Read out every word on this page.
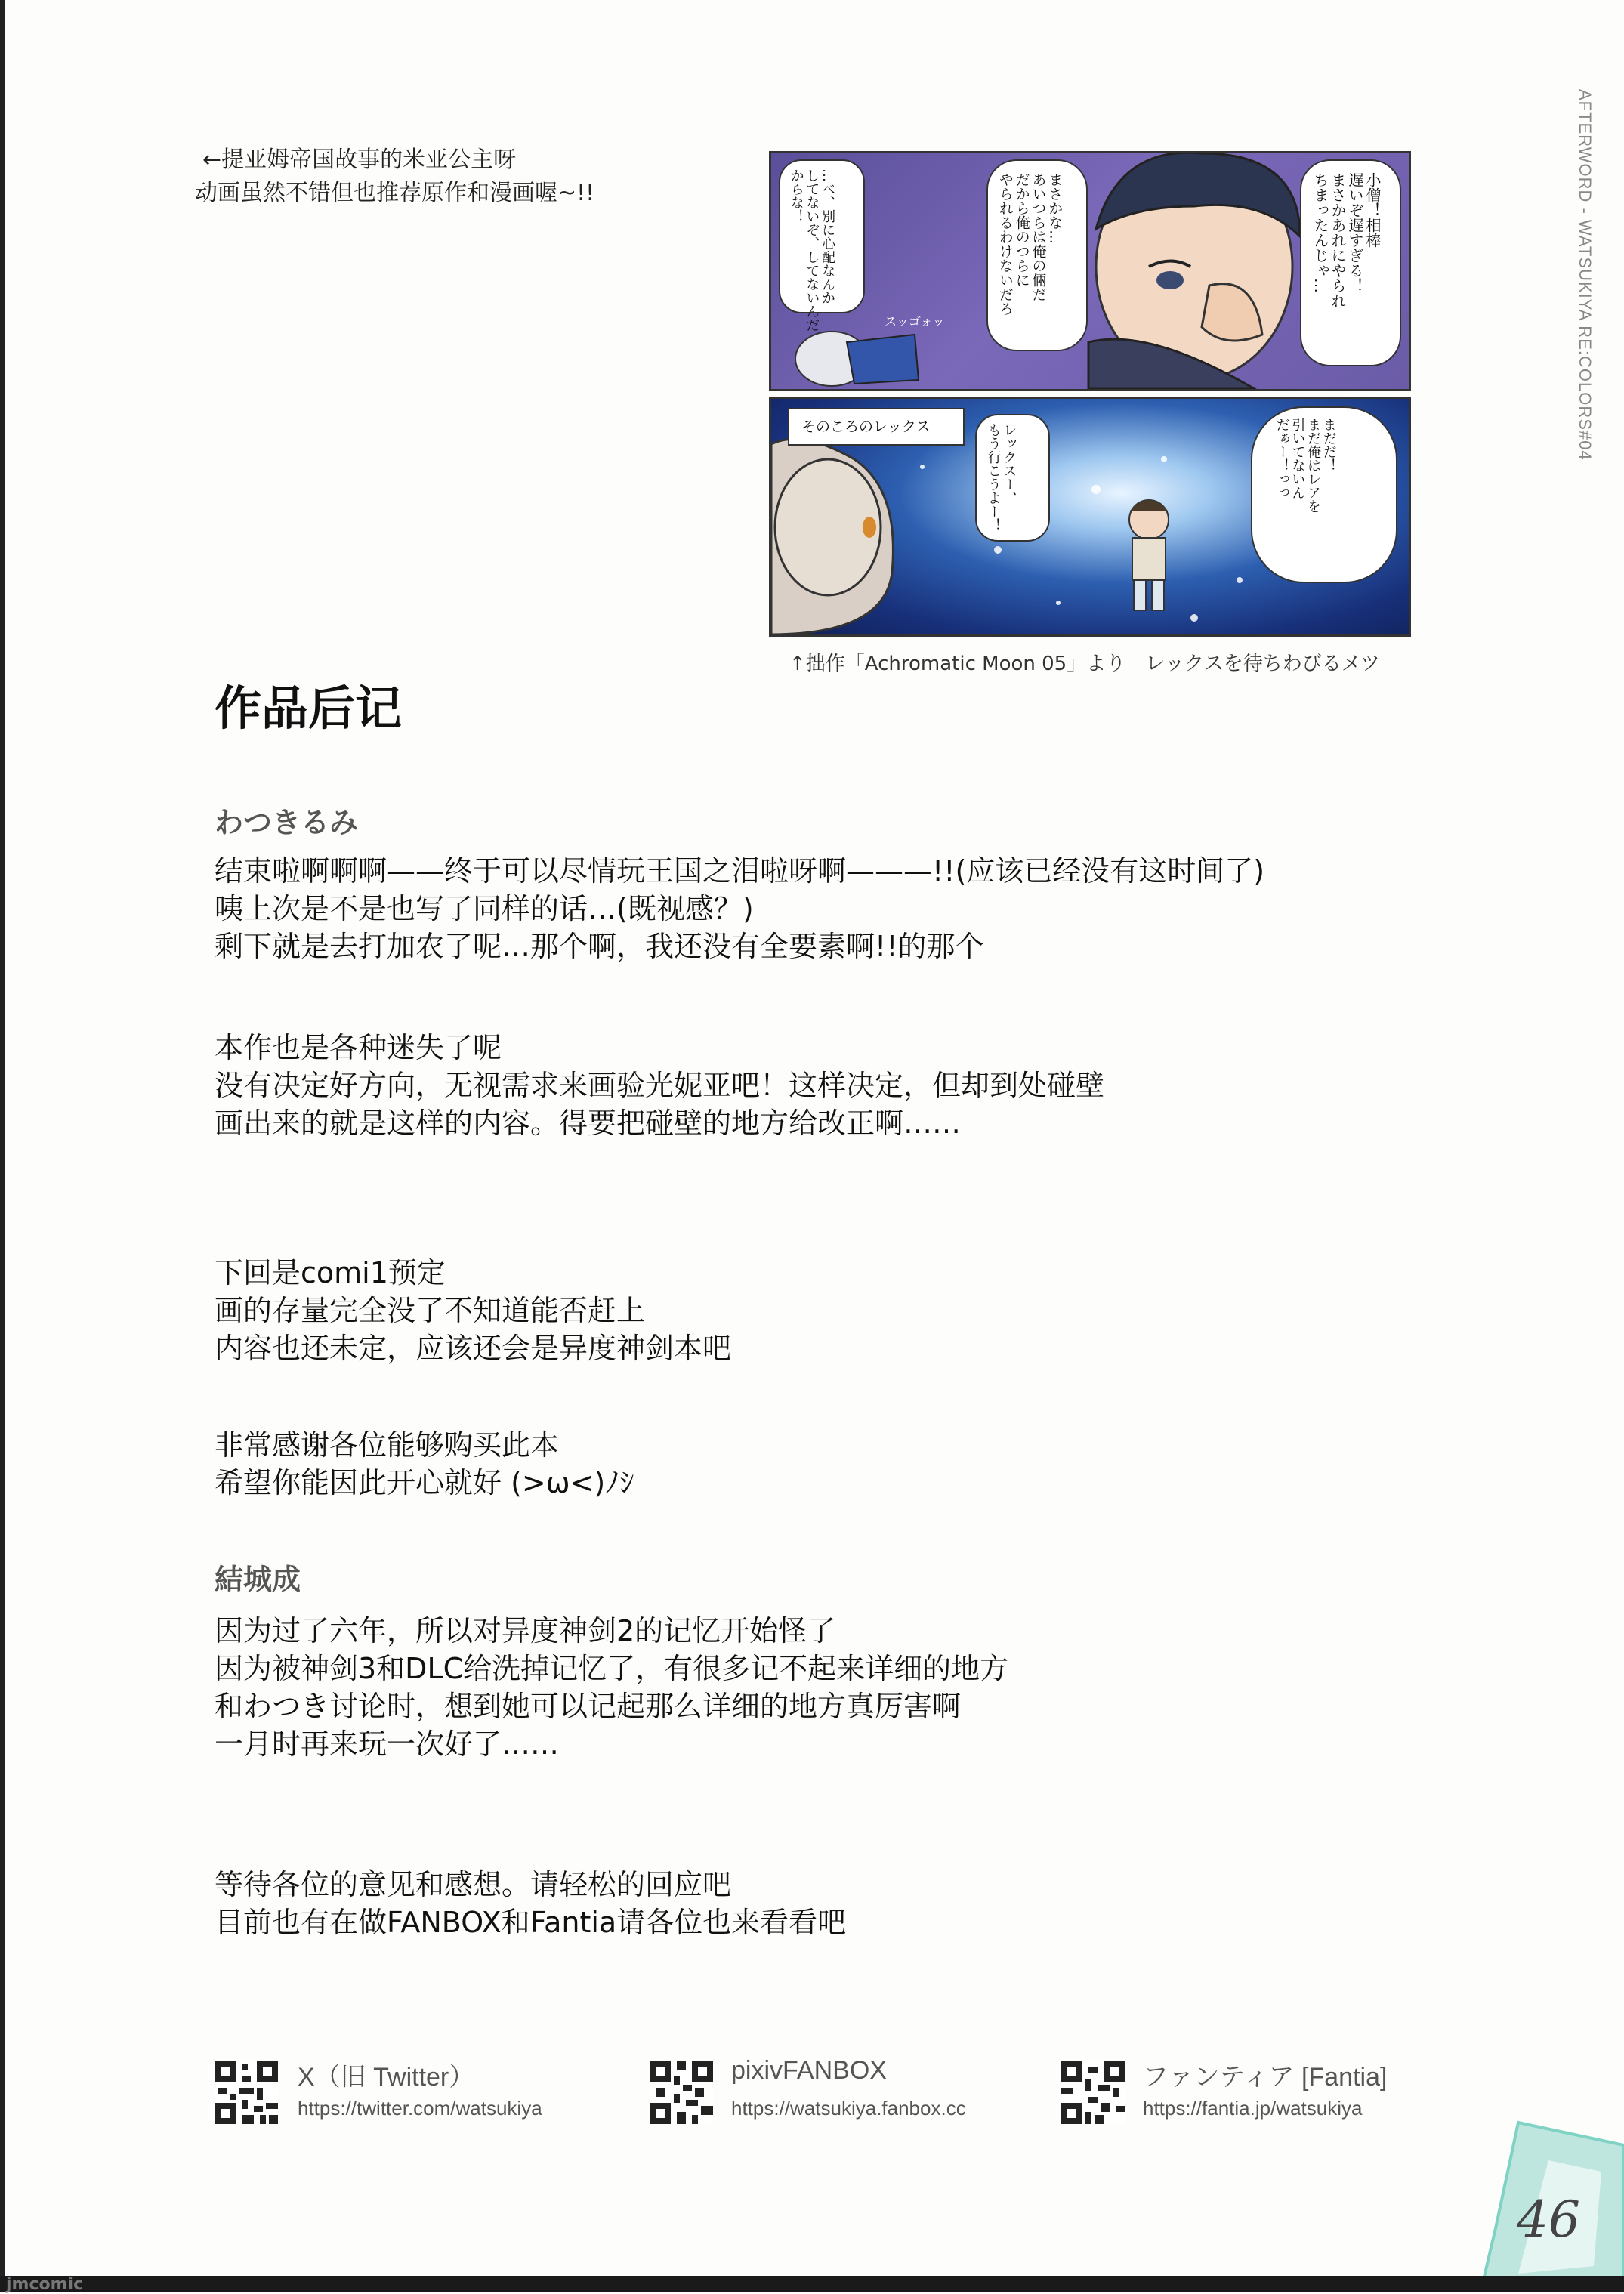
AFTERWORD - WATSUKIYA RE:COLORS#04
←提亚姆帝国故事的米亚公主呀
动画虽然不错但也推荐原作和漫画喔~!!	小僧！相棒
遅いぞ遅すぎる！
まさかあれにやられ
ちまったんじゃ…
まさかな…
あいつらは俺の倆だ
だから俺のつらに
やられるわけないだろ
…べ、別に心配なんか
してないぞ、してないんだ
からな！
スッゴォッ
そのころのレックス	レックスー、
もう行こうよー！	まだだ！
まだ俺はレアを
引いてないん
だぁー！っっ
↑拙作「Achromatic Moon 05」より　レックスを待ちわびるメツ
作品后记
わつきるみ
结束啦啊啊啊——终于可以尽情玩王国之泪啦呀啊———!!(应该已经没有这时间了)
咦上次是不是也写了同样的话…(既视感？)
剩下就是去打加农了呢…那个啊，我还没有全要素啊!!的那个
本作也是各种迷失了呢
没有决定好方向，无视需求来画验光妮亚吧！这样决定，但却到处碰壁
画出来的就是这样的内容。得要把碰壁的地方给改正啊……
下回是comi1预定
画的存量完全没了不知道能否赶上
内容也还未定，应该还会是异度神剑本吧
非常感谢各位能够购买此本
希望你能因此开心就好 (>ω<)ﾉｼ
結城成
因为过了六年，所以对异度神剑2的记忆开始怪了
因为被神剑3和DLC给洗掉记忆了，有很多记不起来详细的地方
和わつき讨论时，想到她可以记起那么详细的地方真厉害啊
一月时再来玩一次好了……
等待各位的意见和感想。请轻松的回应吧
目前也有在做FANBOX和Fantia请各位也来看看吧
X（旧 Twitter）
https://twitter.com/watsukiya
pixivFANBOX
https://watsukiya.fanbox.cc
ファンティア [Fantia]
https://fantia.jp/watsukiya
46
jmcomic
